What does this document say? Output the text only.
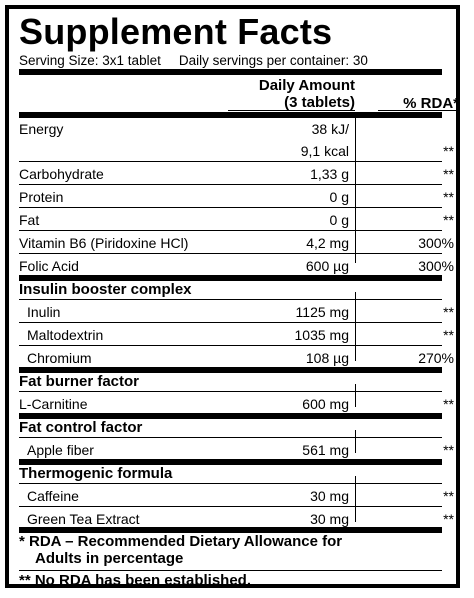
Supplement Facts
Serving Size: 3x1 tablet Daily servings per container: 30
Daily Amount
(3 tablets)	% RDA*
Energy	38 kJ/
9,1 kcal	**
Carbohydrate	1,33 g	**
Protein	0 g	**
Fat	0 g	**
Vitamin B6 (Piridoxine HCl)	4,2 mg	300%
Folic Acid	600 µg	300%
Insulin booster complex
Inulin	1125 mg	**
Maltodextrin	1035 mg	**
Chromium	108 µg	270%
Fat burner factor
L-Carnitine	600 mg	**
Fat control factor
Apple fiber	561 mg	**
Thermogenic formula
Caffeine	30 mg	**
Green Tea Extract	30 mg	**
* RDA – Recommended Dietary Allowance for
Adults in percentage
** No RDA has been established.
